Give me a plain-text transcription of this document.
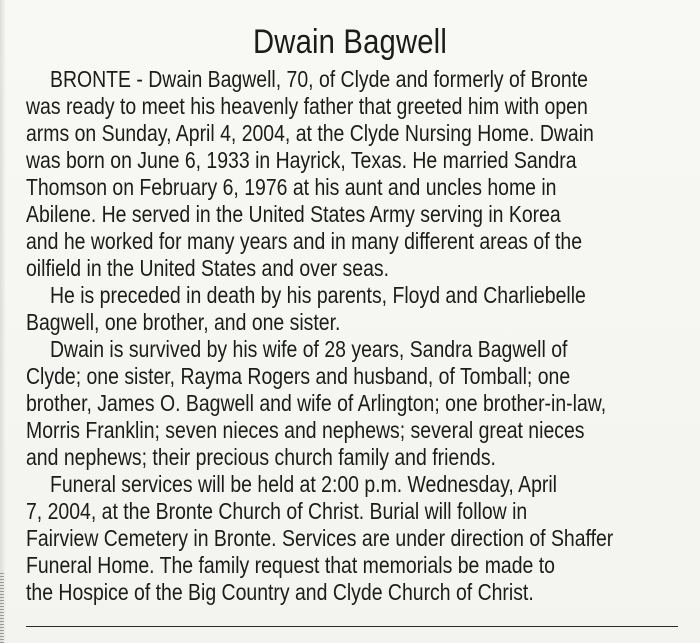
Dwain Bagwell
BRONTE - Dwain Bagwell, 70, of Clyde and formerly of Bronte
was ready to meet his heavenly father that greeted him with open
arms on Sunday, April 4, 2004, at the Clyde Nursing Home. Dwain
was born on June 6, 1933 in Hayrick, Texas. He married Sandra
Thomson on February 6, 1976 at his aunt and uncles home in
Abilene. He served in the United States Army serving in Korea
and he worked for many years and in many different areas of the
oilfield in the United States and over seas.
He is preceded in death by his parents, Floyd and Charliebelle
Bagwell, one brother, and one sister.
Dwain is survived by his wife of 28 years, Sandra Bagwell of
Clyde; one sister, Rayma Rogers and husband, of Tomball; one
brother, James O. Bagwell and wife of Arlington; one brother-in-law,
Morris Franklin; seven nieces and nephews; several great nieces
and nephews; their precious church family and friends.
Funeral services will be held at 2:00 p.m. Wednesday, April
7, 2004, at the Bronte Church of Christ. Burial will follow in
Fairview Cemetery in Bronte. Services are under direction of Shaffer
Funeral Home. The family request that memorials be made to
the Hospice of the Big Country and Clyde Church of Christ.
